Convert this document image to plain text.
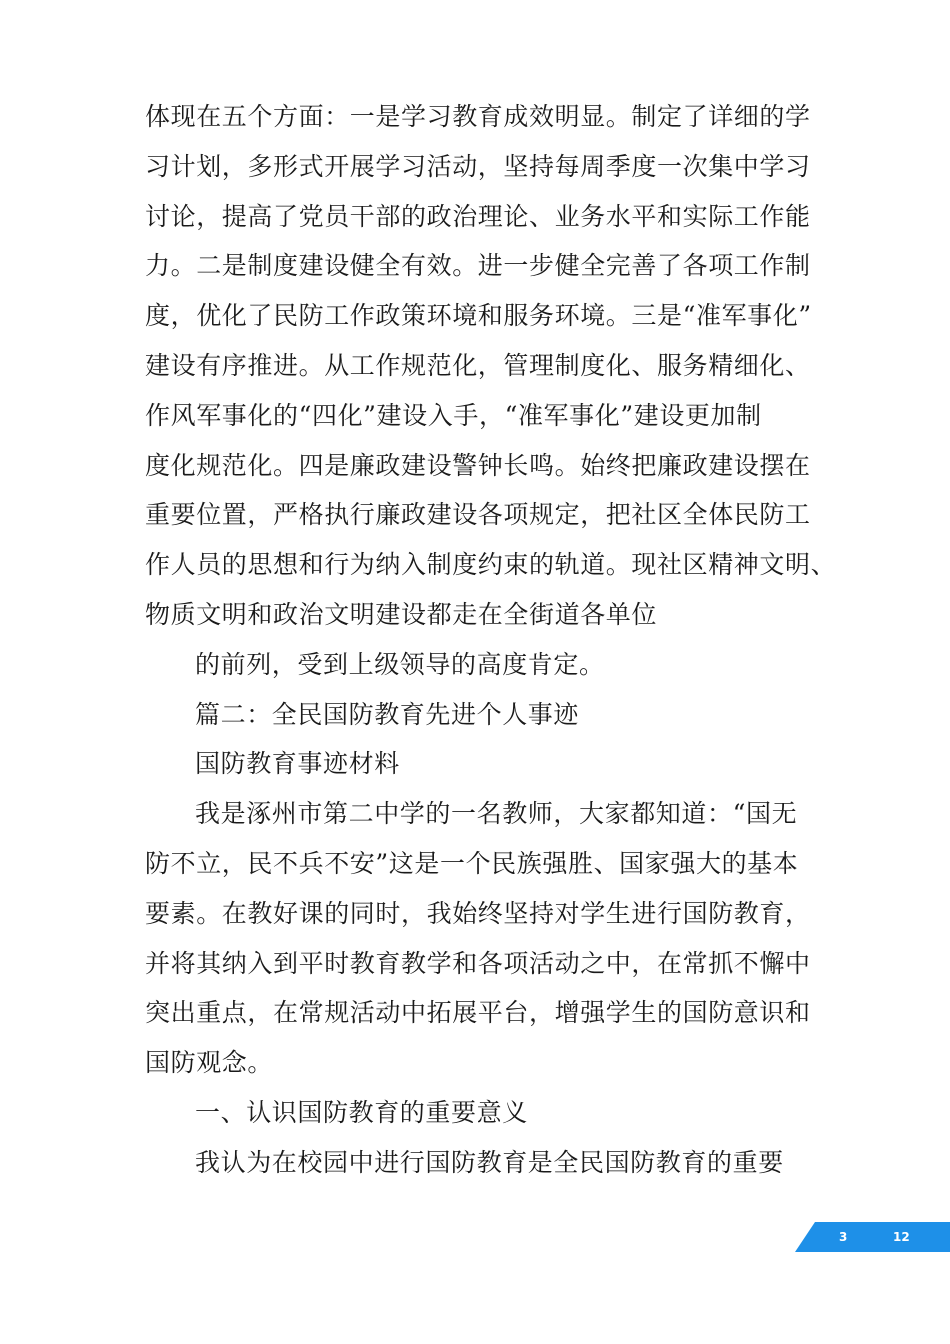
体现在五个方面：一是学习教育成效明显。制定了详细的学
习计划，多形式开展学习活动，坚持每周季度一次集中学习
讨论，提高了党员干部的政治理论、业务水平和实际工作能
力。二是制度建设健全有效。进一步健全完善了各项工作制
度，优化了民防工作政策环境和服务环境。三是“准军事化”
建设有序推进。从工作规范化，管理制度化、服务精细化、
作风军事化的“四化”建设入手，“准军事化”建设更加制
度化规范化。四是廉政建设警钟长鸣。始终把廉政建设摆在
重要位置，严格执行廉政建设各项规定，把社区全体民防工
作人员的思想和行为纳入制度约束的轨道。现社区精神文明、
物质文明和政治文明建设都走在全街道各单位
的前列，受到上级领导的高度肯定。
篇二：全民国防教育先进个人事迹
国防教育事迹材料
我是涿州市第二中学的一名教师，大家都知道：“国无
防不立，民不兵不安”这是一个民族强胜、国家强大的基本
要素。在教好课的同时，我始终坚持对学生进行国防教育，
并将其纳入到平时教育教学和各项活动之中，在常抓不懈中
突出重点，在常规活动中拓展平台，增强学生的国防意识和
国防观念。
一、认识国防教育的重要意义
我认为在校园中进行国防教育是全民国防教育的重要
3	12
